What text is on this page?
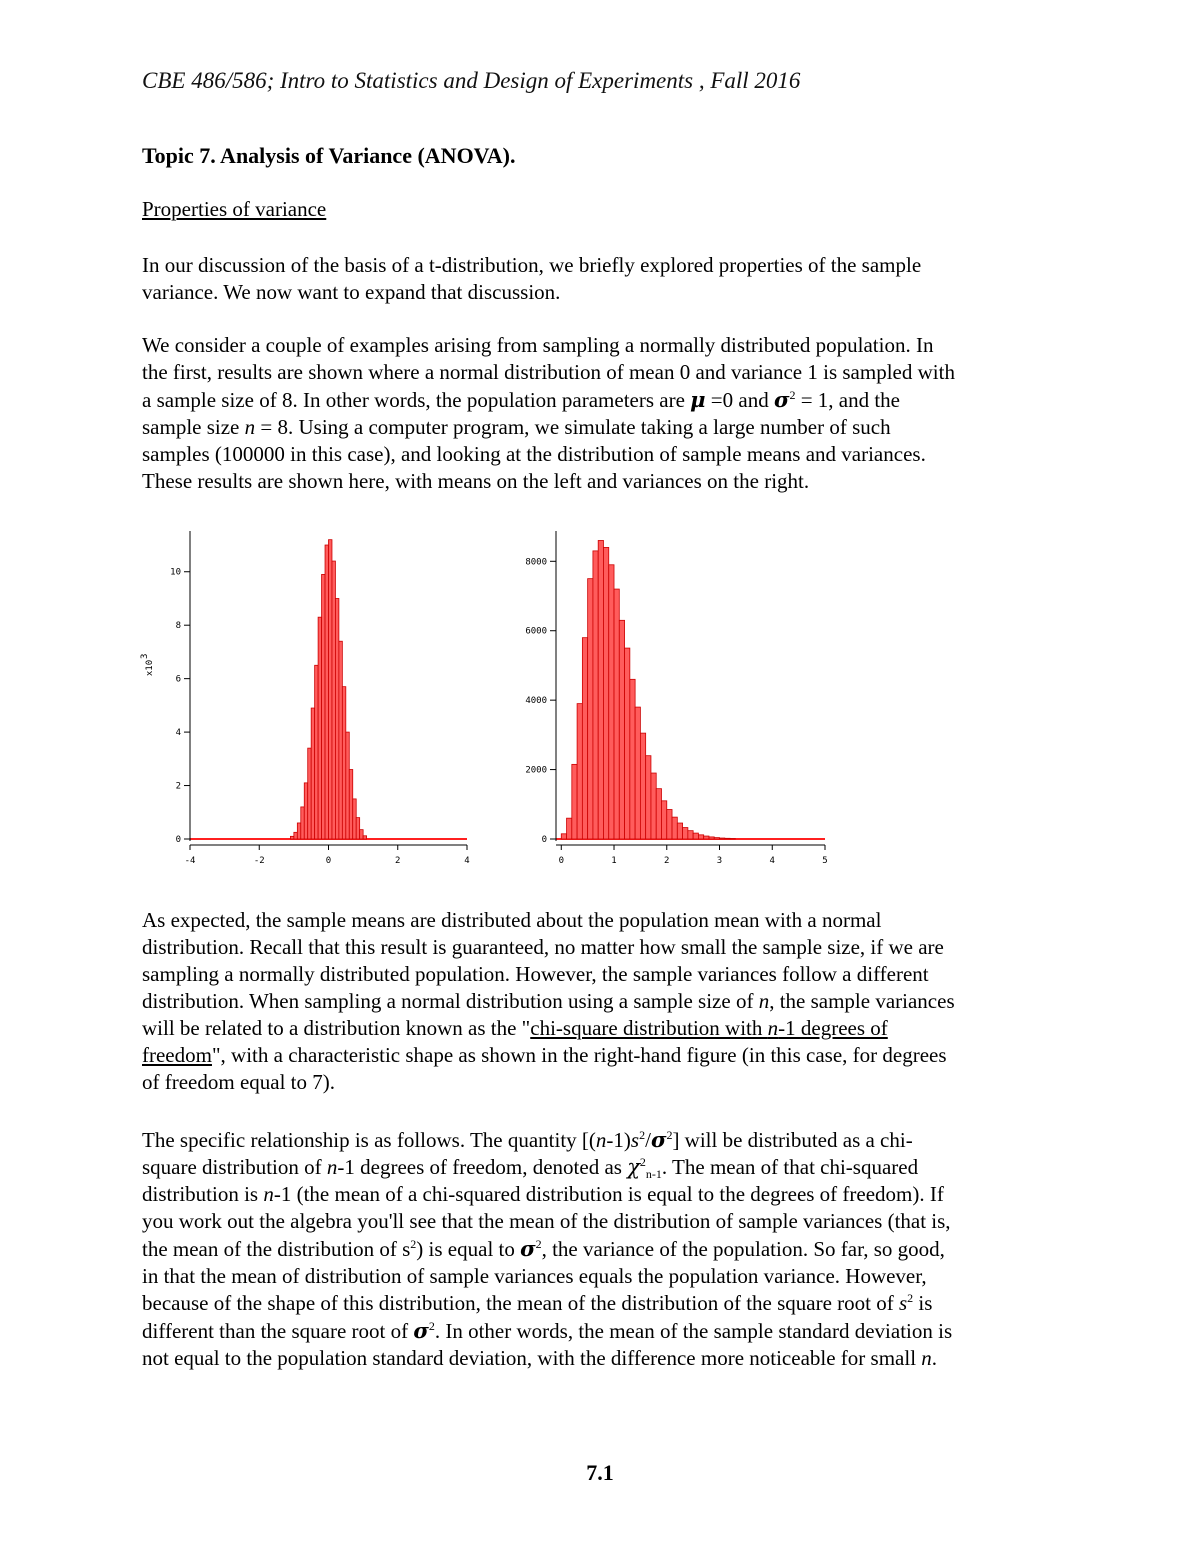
CBE 486/586; Intro to Statistics and Design of Experiments , Fall 2016
Topic 7. Analysis of Variance (ANOVA).
Properties of variance

In our discussion of the basis of a t-distribution, we briefly explored properties of the sample
variance. We now want to expand that discussion.

We consider a couple of examples arising from sampling a normally distributed population. In
the first, results are shown where a normal distribution of mean 0 and variance 1 is sampled with
a sample size of 8. In other words, the population parameters are μ =0 and $\sigma^2 = 1$, and the
sample size n = 8. Using a computer program, we simulate taking a large number of such
samples (100000 in this case), and looking at the distribution of sample means and variances.
These results are shown here, with means on the left and variances on the right.

0
2
4
6
8
10
-4	-2	0	2	4
x10
3
0
2000
4000
6000
8000
0	1	2	3	4	5

As expected, the sample means are distributed about the population mean with a normal
distribution. Recall that this result is guaranteed, no matter how small the sample size, if we are
sampling a normally distributed population. However, the sample variances follow a different
distribution. When sampling a normal distribution using a sample size of n, the sample variances
will be related to a distribution known as the "chi-square distribution with n-1 degrees of
freedom", with a characteristic shape as shown in the right-hand figure (in this case, for degrees
of freedom equal to 7).

The specific relationship is as follows. The quantity $[(n-1)s^2/\sigma^2]$ will be distributed as a chi-
square distribution of n-1 degrees of freedom, denoted as $\chi^2_{n-1}$. The mean of that chi-squared
distribution is n-1 (the mean of a chi-squared distribution is equal to the degrees of freedom). If
you work out the algebra you'll see that the mean of the distribution of sample variances (that is,
the mean of the distribution of $s^2$) is equal to $\sigma^2$, the variance of the population. So far, so good,
in that the mean of distribution of sample variances equals the population variance. However,
because of the shape of this distribution, the mean of the distribution of the square root of $s^2$ is
different than the square root of $\sigma^2$. In other words, the mean of the sample standard deviation is
not equal to the population standard deviation, with the difference more noticeable for small n.

7.1
